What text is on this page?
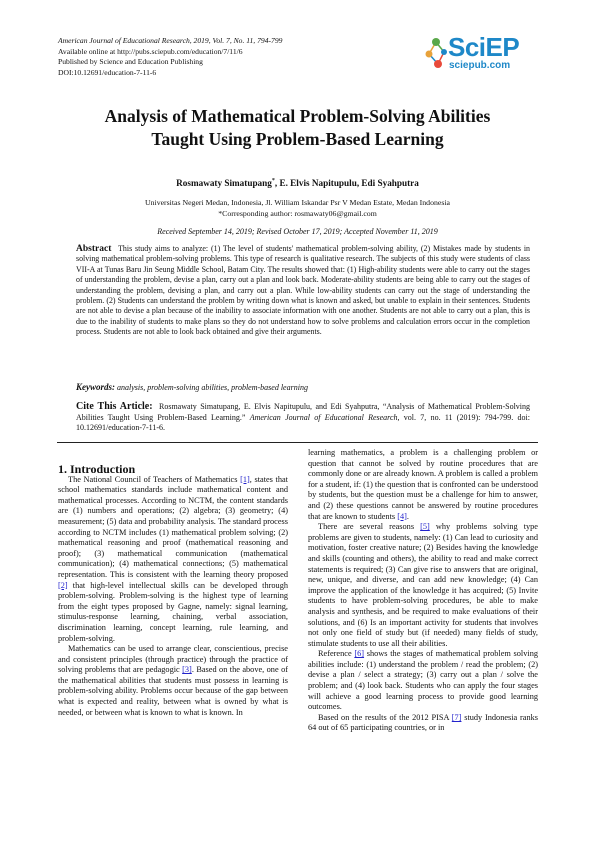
American Journal of Educational Research, 2019, Vol. 7, No. 11, 794-799
Available online at http://pubs.sciepub.com/education/7/11/6
Published by Science and Education Publishing
DOI:10.12691/education-7-11-6
SciEP
sciepub.com
Analysis of Mathematical Problem-Solving Abilities
Taught Using Problem-Based Learning
Rosmawaty Simatupang*, E. Elvis Napitupulu, Edi Syahputra
Universitas Negeri Medan, Indonesia, Jl. William Iskandar Psr V Medan Estate, Medan Indonesia
*Corresponding author: rosmawaty06@gmail.com
Received September 14, 2019; Revised October 17, 2019; Accepted November 11, 2019
Abstract This study aims to analyze: (1) The level of students' mathematical problem-solving ability, (2) Mistakes made by students in solving mathematical problem-solving problems. This type of research is qualitative research. The subjects of this study were students of class VII-A at Tunas Baru Jin Seung Middle School, Batam City. The results showed that: (1) High-ability students were able to carry out the stages of understanding the problem, devise a plan, carry out a plan and look back. Moderate-ability students are being able to carry out the stages of understanding the problem, devising a plan, and carry out a plan. While low-ability students can carry out the stage of understanding the problem. (2) Students can understand the problem by writing down what is known and asked, but unable to explain in their sentences. Students are not able to devise a plan because of the inability to associate information with one another. Students are not able to carry out a plan, this is due to the inability of students to make plans so they do not understand how to solve problems and calculation errors occur in the completion process. Students are not able to look back obtained and give their arguments.
Keywords: analysis, problem-solving abilities, problem-based learning
Cite This Article: Rosmawaty Simatupang, E. Elvis Napitupulu, and Edi Syahputra, “Analysis of Mathematical Problem-Solving Abilities Taught Using Problem-Based Learning.” American Journal of Educational Research, vol. 7, no. 11 (2019): 794-799. doi: 10.12691/education-7-11-6.

1. Introduction

The National Council of Teachers of Mathematics [1], states that school mathematics standards include mathematical content and mathematical processes. According to NCTM, the content standards are (1) numbers and operations; (2) algebra; (3) geometry; (4) measurement; (5) data and probability analysis. The standard process according to NCTM includes (1) mathematical problem solving; (2) mathematical reasoning and proof (mathematical reasoning and proof); (3) mathematical communication (mathematical communication); (4) mathematical connections; (5) mathematical representation. This is consistent with the learning theory proposed [2] that high-level intellectual skills can be developed through problem-solving. Problem-solving is the highest type of learning from the eight types proposed by Gagne, namely: signal learning, stimulus-response learning, chaining, verbal association, discrimination learning, concept learning, rule learning, and problem-solving.

Mathematics can be used to arrange clear, conscientious, precise and consistent principles (through practice) through the practice of solving problems that are pedagogic [3]. Based on the above, one of the mathematical abilities that students must possess in learning is problem-solving ability. Problems occur because of the gap between what is expected and reality, between what is owned by what is needed, or between what is known to what is known. In

learning mathematics, a problem is a challenging problem or question that cannot be solved by routine procedures that are commonly done or are already known. A problem is called a problem for a student, if: (1) the question that is confronted can be understood by students, but the question must be a challenge for him to answer, and (2) these questions cannot be answered by routine procedures that are known to students [4].

There are several reasons [5] why problems solving type problems are given to students, namely: (1) Can lead to curiosity and motivation, foster creative nature; (2) Besides having the knowledge and skills (counting and others), the ability to read and make correct statements is required; (3) Can give rise to answers that are original, new, unique, and diverse, and can add new knowledge; (4) Can improve the application of the knowledge it has acquired; (5) Invite students to have problem-solving procedures, be able to make analysis and synthesis, and be required to make evaluations of their solutions, and (6) Is an important activity for students that involves not only one field of study but (if needed) many fields of study, stimulate students to use all their abilities.

Reference [6] shows the stages of mathematical problem solving abilities include: (1) understand the problem / read the problem; (2) devise a plan / select a strategy; (3) carry out a plan / solve the problem; and (4) look back. Students who can apply the four stages will achieve a good learning process to provide good learning outcomes.

Based on the results of the 2012 PISA [7] study Indonesia ranks 64 out of 65 participating countries, or in
